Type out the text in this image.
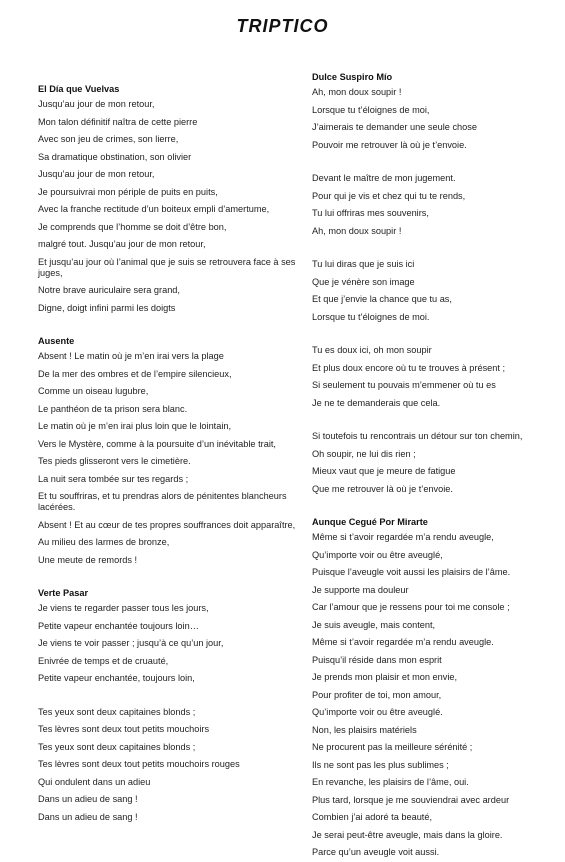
TRIPTICO
El Día que Vuelvas
Jusqu’au jour de mon retour,
Mon talon définitif naîtra de cette pierre
Avec son jeu de crimes, son lierre,
Sa dramatique obstination, son olivier
Jusqu’au jour de mon retour,
Je poursuivrai mon périple de puits en puits,
Avec la franche rectitude d’un boiteux empli d’amertume,
Je comprends que l’homme se doit d’être bon,
malgré tout. Jusqu’au jour de mon retour,
Et jusqu’au jour où l’animal que je suis se retrouvera face à ses juges,
Notre brave auriculaire sera grand,
Digne, doigt infini parmi les doigts
Ausente
Absent ! Le matin où je m’en irai vers la plage
De la mer des ombres et de l’empire silencieux,
Comme un oiseau lugubre,
Le panthéon de ta prison sera blanc.
Le matin où je m’en irai plus loin que le lointain,
Vers le Mystère, comme à la poursuite d’un inévitable trait,
Tes pieds glisseront vers le cimetière.
La nuit sera tombée sur tes regards ;
Et tu souffriras, et tu prendras alors de pénitentes blancheurs lacérées.
Absent ! Et au cœur de tes propres souffrances doit apparaître,
Au milieu des larmes de bronze,
Une meute de remords !
Verte Pasar
Je viens te regarder passer tous les jours,
Petite vapeur enchantée toujours loin…
Je viens te voir passer ; jusqu’à ce qu’un jour,
Enivrée de temps et de cruauté,
Petite vapeur enchantée, toujours loin,
Tes yeux sont deux capitaines blonds ;
Tes lèvres sont deux tout petits mouchoirs
Tes yeux sont deux capitaines blonds ;
Tes lèvres sont deux tout petits mouchoirs rouges
Qui ondulent dans un adieu
Dans un adieu de sang !
Dans un adieu de sang !
Dulce Suspiro Mío
Ah, mon doux soupir !
Lorsque tu t’éloignes de moi,
J’aimerais te demander une seule chose
Pouvoir me retrouver là où je t’envoie.
Devant le maître de mon jugement.
Pour qui je vis et chez qui tu te rends,
Tu lui offriras mes souvenirs,
Ah, mon doux soupir !
Tu lui diras que je suis ici
Que je vénère son image
Et que j’envie la chance que tu as,
Lorsque tu t’éloignes de moi.
Tu es doux ici, oh mon soupir
Et plus doux encore où tu te trouves à présent ;
Si seulement tu pouvais m’emmener où tu es
Je ne te demanderais que cela.
Si toutefois tu rencontrais un détour sur ton chemin,
Oh soupir, ne lui dis rien ;
Mieux vaut que je meure de fatigue
Que me retrouver là où je t’envoie.
Aunque Cegué Por Mirarte
Même si t’avoir regardée m’a rendu aveugle,
Qu’importe voir ou être aveuglé,
Puisque l’aveugle voit aussi les plaisirs de l’âme.
Je supporte ma douleur
Car l’amour que je ressens pour toi me console ;
Je suis aveugle, mais content,
Même si t’avoir regardée m’a rendu aveugle.
Puisqu’il réside dans mon esprit
Je prends mon plaisir et mon envie,
Pour profiter de toi, mon amour,
Qu’importe voir ou être aveuglé.
Non, les plaisirs matériels
Ne procurent pas la meilleure sérénité ;
Ils ne sont pas les plus sublimes ;
En revanche, les plaisirs de l’âme, oui.
Plus tard, lorsque je me souviendrai avec ardeur
Combien j’ai adoré ta beauté,
Je serai peut-être aveugle, mais dans la gloire.
Parce qu’un aveugle voit aussi.
